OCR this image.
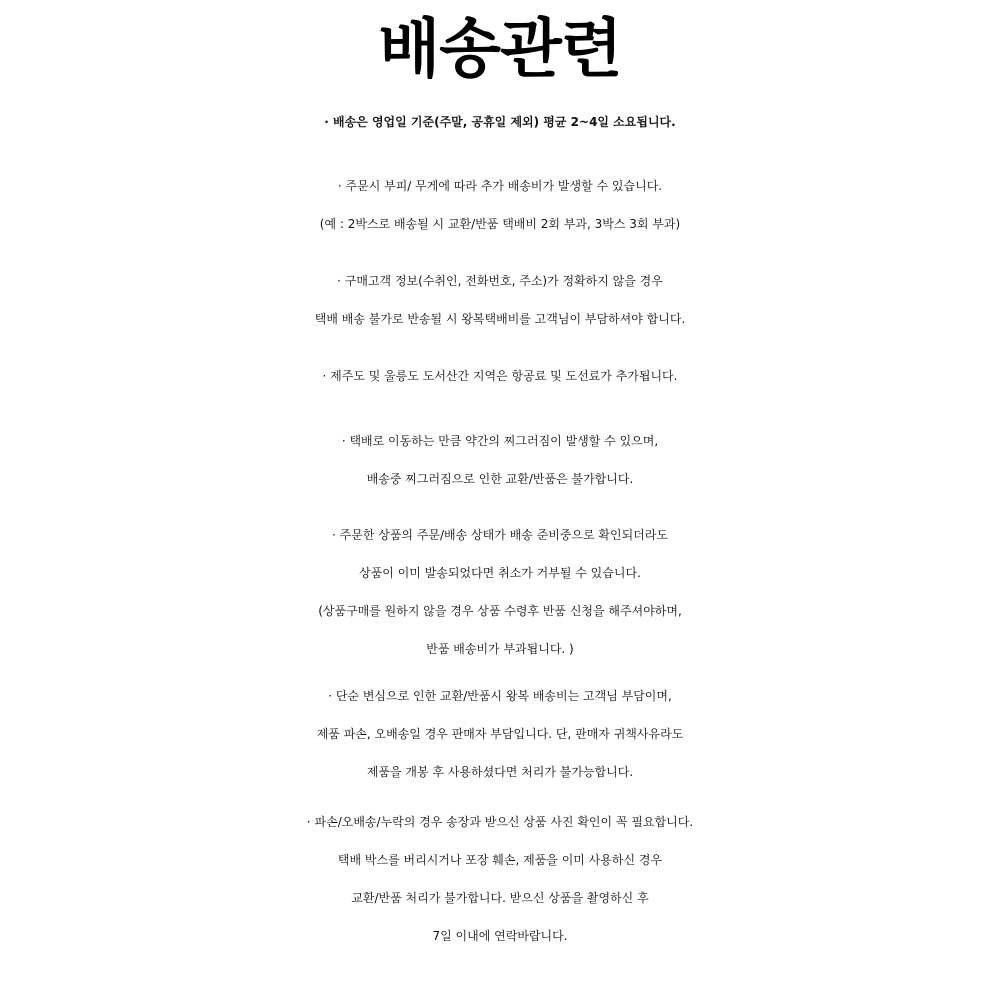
배송관련
· 배송은 영업일 기준(주말, 공휴일 제외) 평균 2~4일 소요됩니다.
· 주문시 부피/ 무게에 따라 추가 배송비가 발생할 수 있습니다.
(예 : 2박스로 배송될 시 교환/반품 택배비 2회 부과, 3박스 3회 부과)
· 구매고객 정보(수취인, 전화번호, 주소)가 정확하지 않을 경우
택배 배송 불가로 반송될 시 왕복택배비를 고객님이 부담하셔야 합니다.
· 제주도 및 울릉도 도서산간 지역은 항공료 및 도선료가 추가됩니다.
· 택배로 이동하는 만큼 약간의 찌그러짐이 발생할 수 있으며,
배송중 찌그러짐으로 인한 교환/반품은 불가합니다.
· 주문한 상품의 주문/배송 상태가 배송 준비중으로 확인되더라도
상품이 이미 발송되었다면 취소가 거부될 수 있습니다.
(상품구매를 원하지 않을 경우 상품 수령후 반품 신청을 해주셔야하며,
반품 배송비가 부과됩니다. )
· 단순 변심으로 인한 교환/반품시 왕복 배송비는 고객님 부담이며,
제품 파손, 오배송일 경우 판매자 부담입니다. 단, 판매자 귀책사유라도
제품을 개봉 후 사용하셨다면 처리가 불가능합니다.
· 파손/오배송/누락의 경우 송장과 받으신 상품 사진 확인이 꼭 필요합니다.
택배 박스를 버리시거나 포장 훼손, 제품을 이미 사용하신 경우
교환/반품 처리가 불가합니다. 받으신 상품을 촬영하신 후
7일 이내에 연락바랍니다.
